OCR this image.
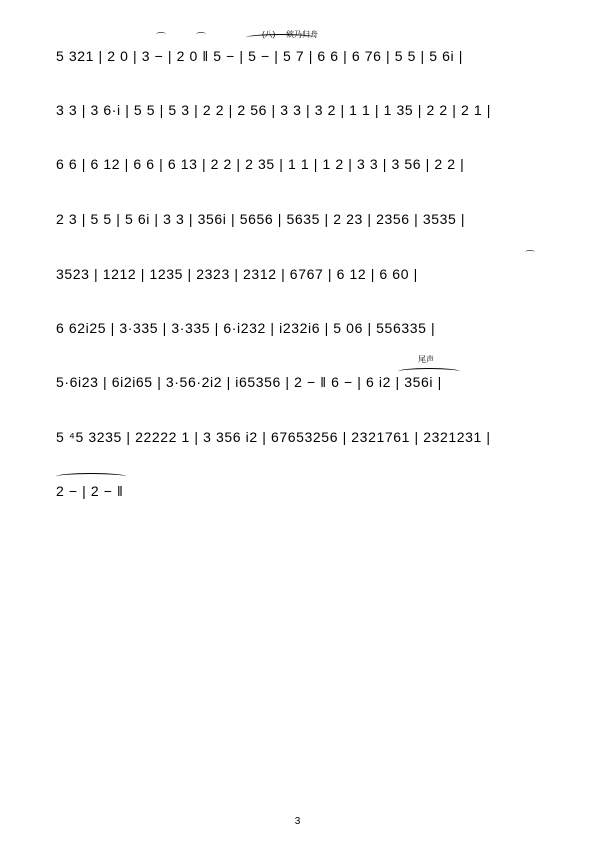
(八) 欸乃归舟
⌒	⌒
⌒
尾声
5 321 | 2 0 | 3 − | 2 0 ‖ 5 − | 5 − | 5 7 | 6 6 | 6 76 | 5 5 | 5 6i |
3 3 | 3 6·i | 5 5 | 5 3 | 2 2 | 2 56 | 3 3 | 3 2 | 1 1 | 1 35 | 2 2 | 2 1 |
6 6 | 6 12 | 6 6 | 6 13 | 2 2 | 2 35 | 1 1 | 1 2 | 3 3 | 3 56 | 2 2 |
2 3 | 5 5 | 5 6i | 3 3 | 356i | 5656 | 5635 | 2 23 | 2356 | 3535 |
3523 | 1212 | 1235 | 2323 | 2312 | 6767 | 6 12 | 6 60 |
6 62i25 | 3·335 | 3·335 | 6·i232 | i232i6 | 5 06 | 556335 |
5·6i23 | 6i2i65 | 3·56·2i2 | i65356 | 2 − ‖ 6 − | 6 i2 | 356i |
5 ⁴5 3235 | 22222 1 | 3 356 i2 | 67653256 | 2321761 | 2321231 |
2 − | 2 − ‖
3
